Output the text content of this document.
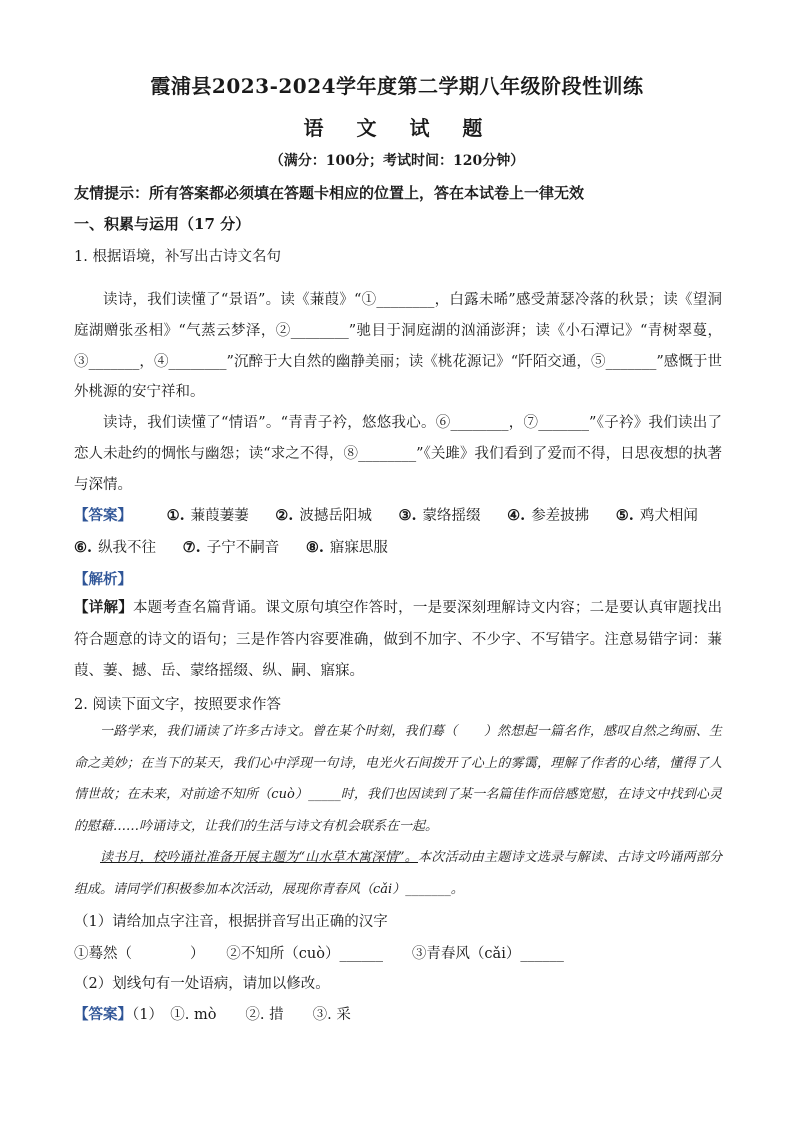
霞浦县2023-2024学年度第二学期八年级阶段性训练
语 文 试 题
（满分：100分；考试时间：120分钟）
友情提示：所有答案都必须填在答题卡相应的位置上，答在本试卷上一律无效
一、积累与运用（17 分）
1. 根据语境，补写出古诗文名句

读诗，我们读懂了“景语”。读《蒹葭》“①________，白露未晞”感受萧瑟冷落的秋景；读《望洞庭湖赠张丞相》“气蒸云梦泽，②________”驰目于洞庭湖的汹涌澎湃；读《小石潭记》“青树翠蔓，③_______，④________”沉醉于大自然的幽静美丽；读《桃花源记》“阡陌交通，⑤_______”感慨于世外桃源的安宁祥和。

读诗，我们读懂了“情语”。“青青子衿，悠悠我心。⑥________，⑦_______”《子衿》我们读出了恋人未赴约的惆怅与幽怨；读“求之不得，⑧________”《关雎》我们看到了爱而不得，日思夜想的执著与深情。

【答案】 ①. 蒹葭萋萋 ②. 波撼岳阳城 ③. 蒙络摇缀 ④. 参差披拂 ⑤. 鸡犬相闻
⑥. 纵我不往 ⑦. 子宁不嗣音 ⑧. 寤寐思服
【解析】
【详解】本题考查名篇背诵。课文原句填空作答时，一是要深刻理解诗文内容；二是要认真审题找出符合题意的诗文的语句；三是作答内容要准确，做到不加字、不少字、不写错字。注意易错字词：蒹葭、萋、撼、岳、蒙络摇缀、纵、嗣、寤寐。
2. 阅读下面文字，按照要求作答

一路学来，我们诵读了许多古诗文。曾在某个时刻，我们蓦（　　）然想起一篇名作，感叹自然之绚丽、生命之美妙；在当下的某天，我们心中浮现一句诗，电光火石间拨开了心上的雾霭，理解了作者的心绪，懂得了人情世故；在未来，对前途不知所（cuò）_____时，我们也因读到了某一名篇佳作而倍感宽慰，在诗文中找到心灵的慰藉……吟诵诗文，让我们的生活与诗文有机会联系在一起。

读书月，校吟诵社准备开展主题为“山水草木寓深情”。本次活动由主题诗文选录与解读、古诗文吟诵两部分组成。请同学们积极参加本次活动，展现你青春风（cǎi）_______。

（1）请给加点字注音，根据拼音写出正确的汉字
①蓦然（　　　　）　　②不知所（cuò）______　　③青春风（cǎi）______
（2）划线句有一处语病，请加以修改。
【答案】（1）　①. mò　　②. 措　　③. 采
